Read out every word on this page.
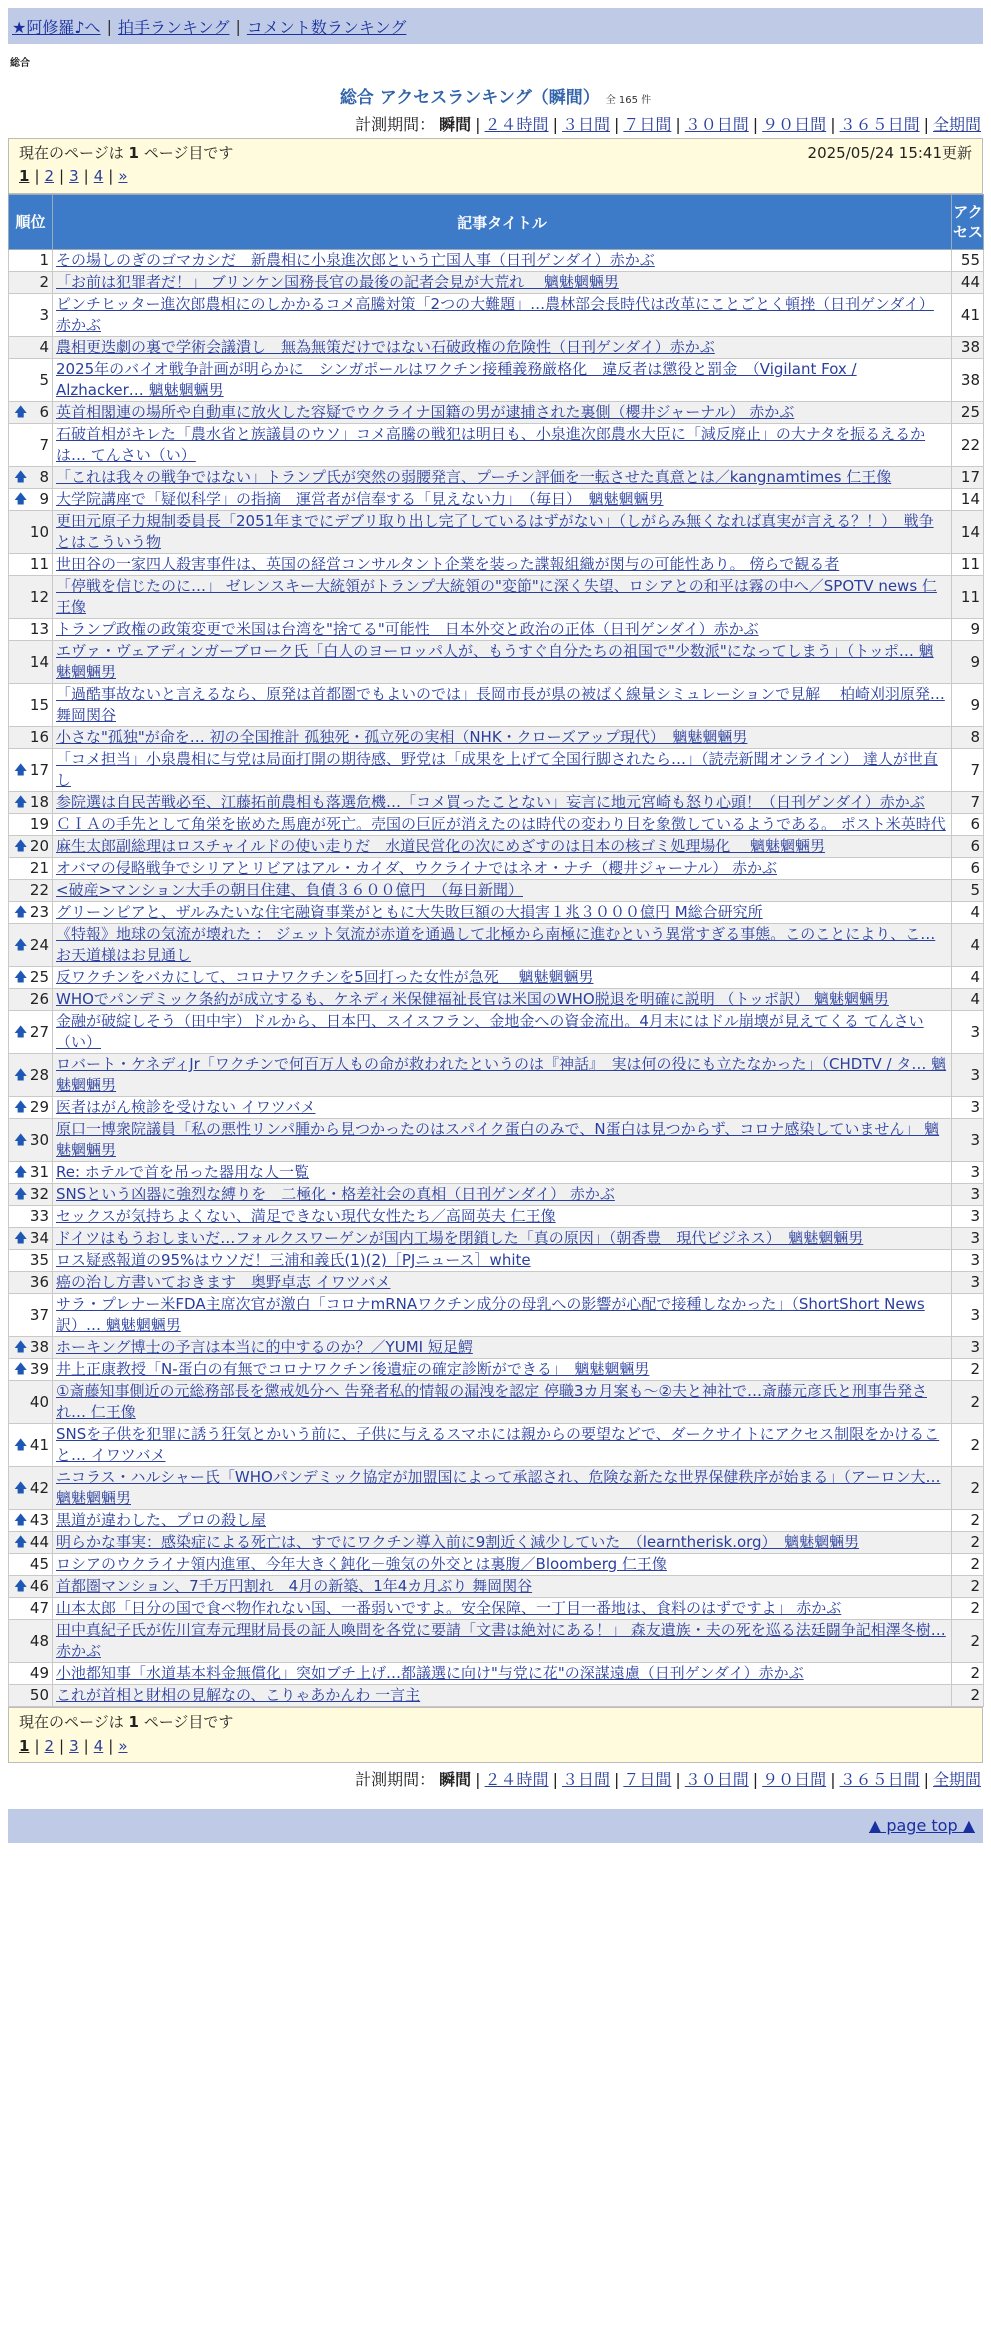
★阿修羅♪へ | 拍手ランキング | コメント数ランキング
総合
総合 アクセスランキング（瞬間） 全 165 件
計測期間： 瞬間 | ２４時間 | ３日間 | ７日間 | ３０日間 | ９０日間 | ３６５日間 | 全期間
現在のページは 1 ページ目です	2025/05/24 15:41更新
1 | 2 | 3 | 4 | »
順位	記事タイトル	アクセス

1	その場しのぎのゴマカシだ　新農相に小泉進次郎という亡国人事（日刊ゲンダイ）赤かぶ	55
2	「お前は犯罪者だ！」 ブリンケン国務長官の最後の記者会見が大荒れ　 魑魅魍魎男	44
3	ピンチヒッター進次郎農相にのしかかるコメ高騰対策「2つの大難題」…農林部会長時代は改革にことごとく頓挫（日刊ゲンダイ）赤かぶ	41
4	農相更迭劇の裏で学術会議潰し　無為無策だけではない石破政権の危険性（日刊ゲンダイ）赤かぶ	38
5	2025年のバイオ戦争計画が明らかに　シンガポールはワクチン接種義務厳格化　違反者は懲役と罰金　（Vigilant Fox / Alzhacker… 魑魅魍魎男	38

🡅 6	英首相閣連の場所や自動車に放火した容疑でウクライナ国籍の男が逮捕された裏側（櫻井ジャーナル） 赤かぶ	25
7	石破首相がキレた「農水省と族議員のウソ」コメ高騰の戦犯は明日も、小泉進次郎農水大臣に「減反廃止」の大ナタを振るえるかは… てんさい（い）	22

🡅 8	「これは我々の戦争ではない」トランプ氏が突然の弱腰発言、プーチン評価を一転させた真意とは／kangnamtimes 仁王像	17

🡅 9	大学院講座で「疑似科学」の指摘　運営者が信奉する「見えない力」　（毎日）　魑魅魍魎男	14
10	更田元原子力規制委員長「2051年までにデブリ取り出し完了しているはずがない」（しがらみ無くなれば真実が言える？！）　戦争とはこういう物	14
11	世田谷の一家四人殺害事件は、英国の経営コンサルタント企業を装った諜報組織が関与の可能性あり。 傍らで観る者	11
12	「停戦を信じたのに…」 ゼレンスキー大統領がトランプ大統領の"変節"に深く失望、ロシアとの和平は霧の中へ／SPOTV news 仁王像	11
13	トランプ政権の政策変更で米国は台湾を"捨てる"可能性　日本外交と政治の正体（日刊ゲンダイ）赤かぶ	9
14	エヴァ・ヴェアディンガーブローク氏「白人のヨーロッパ人が、もうすぐ自分たちの祖国で"少数派"になってしまう」（トッポ… 魑魅魍魎男	9
15	「過酷事故ないと言えるなら、原発は首都圏でもよいのでは」長岡市長が県の被ばく線量シミュレーションで見解　 柏崎刈羽原発… 舞岡関谷	9
16	小さな"孤独"が命を… 初の全国推計 孤独死・孤立死の実相（NHK・クローズアップ現代）　魑魅魍魎男	8

🡅 17	「コメ担当」小泉農相に与党は局面打開の期待感、野党は「成果を上げて全国行脚されたら…」（読売新聞オンライン） 達人が世直し	7

🡅 18	参院選は自民苦戦必至、江藤拓前農相も落選危機…「コメ買ったことない」妄言に地元宮崎も怒り心頭！（日刊ゲンダイ）赤かぶ	7
19	ＣＩＡの手先として角栄を嵌めた馬鹿が死亡。売国の巨匠が消えたのは時代の変わり目を象徴しているようである。 ポスト米英時代	6

🡅 20	麻生太郎副総理はロスチャイルドの使い走りだ　水道民営化の次にめざすのは日本の核ゴミ処理場化　 魑魅魍魎男	6
21	オバマの侵略戦争でシリアとリビアはアル・カイダ、ウクライナではネオ・ナチ（櫻井ジャーナル） 赤かぶ	6
22	<破産>マンション大手の朝日住建、負債３６００億円　（毎日新聞）	5

🡅 23	グリーンピアと、ザルみたいな住宅融資事業がともに大失敗巨額の大損害１兆３０００億円 M総合研究所	4

🡅 24	《特報》地球の気流が壊れた ： ジェット気流が赤道を通過して北極から南極に進むという異常すぎる事態。このことにより、こ… お天道様はお見通し	4

🡅 25	反ワクチンをバカにして、コロナワクチンを5回打った女性が急死　 魑魅魍魎男	4
26	WHOでパンデミック条約が成立するも、ケネディ米保健福祉長官は米国のWHO脱退を明確に説明 （トッポ訳） 魑魅魍魎男	4

🡅 27	金融が破綻しそう（田中宇）ドルから、日本円、スイスフラン、金地金への資金流出。4月末にはドル崩壊が見えてくる てんさい（い）	3

🡅 28	ロバート・ケネディJr「ワクチンで何百万人もの命が救われたというのは『神話』　実は何の役にも立たなかった」（CHDTV / タ… 魑魅魍魎男	3

🡅 29	医者はがん検診を受けない イワツバメ	3

🡅 30	原口一博衆院議員「私の悪性リンパ腫から見つかったのはスパイク蛋白のみで、N蛋白は見つからず、コロナ感染していません」 魑魅魍魎男	3

🡅 31	Re: ホテルで首を吊った器用な人一覧	3

🡅 32	SNSという凶器に強烈な縛りを　二極化・格差社会の真相（日刊ゲンダイ） 赤かぶ	3
33	セックスが気持ちよくない、満足できない現代女性たち／高岡英夫 仁王像	3

🡅 34	ドイツはもうおしまいだ…フォルクスワーゲンが国内工場を閉鎖した「真の原因」（朝香豊　現代ビジネス）　魑魅魍魎男	3
35	ロス疑惑報道の95%はウソだ！三浦和義氏(1)(2)［PJニュース］white	3
36	癌の治し方書いておきます　奥野卓志 イワツバメ	3
37	サラ・プレナー米FDA主席次官が激白「コロナmRNAワクチン成分の母乳への影響が心配で接種しなかった」（ShortShort News訳）… 魑魅魍魎男	3

🡅 38	ホーキング博士の予言は本当に的中するのか？／YUMI 短足鰐	3

🡅 39	井上正康教授「N-蛋白の有無でコロナワクチン後遺症の確定診断ができる」　魑魅魍魎男	2
40	①斎藤知事側近の元総務部長を懲戒処分へ 告発者私的情報の漏洩を認定 停職3カ月案も～②夫と神社で…斎藤元彦氏と刑事告発され… 仁王像	2

🡅 41	SNSを子供を犯罪に誘う狂気とかいう前に、子供に与えるスマホには親からの要望などで、ダークサイトにアクセス制限をかけること… イワツバメ	2

🡅 42	ニコラス・ハルシャー氏「WHOパンデミック協定が加盟国によって承認され、危険な新たな世界保健秩序が始まる」（アーロン大… 魑魅魍魎男	2

🡅 43	黒道が違わした、プロの殺し屋	2

🡅 44	明らかな事実：感染症による死亡は、すでにワクチン導入前に9割近く減少していた　（learntherisk.org）　魑魅魍魎男	2
45	ロシアのウクライナ領内進軍、今年大きく鈍化－強気の外交とは裏腹／Bloomberg 仁王像	2

🡅 46	首都圏マンション、7千万円割れ　4月の新築、1年4カ月ぶり 舞岡関谷	2
47	山本太郎「日分の国で食べ物作れない国、一番弱いですよ。安全保障、一丁目一番地は、食料のはずですよ」 赤かぶ	2
48	田中真紀子氏が佐川宣寿元理財局長の証人喚問を各党に要請「文書は絶対にある！」 森友遺族・夫の死を巡る法廷闘争記相澤冬樹… 赤かぶ	2
49	小池都知事「水道基本料金無償化」突如ブチ上げ…都議選に向け"与党に花"の深謀遠慮（日刊ゲンダイ）赤かぶ	2
50	これが首相と財相の見解なの、こりゃあかんわ 一言主	2
現在のページは 1 ページ目です
1 | 2 | 3 | 4 | »
計測期間： 瞬間 | ２４時間 | ３日間 | ７日間 | ３０日間 | ９０日間 | ３６５日間 | 全期間
▲ page top ▲
